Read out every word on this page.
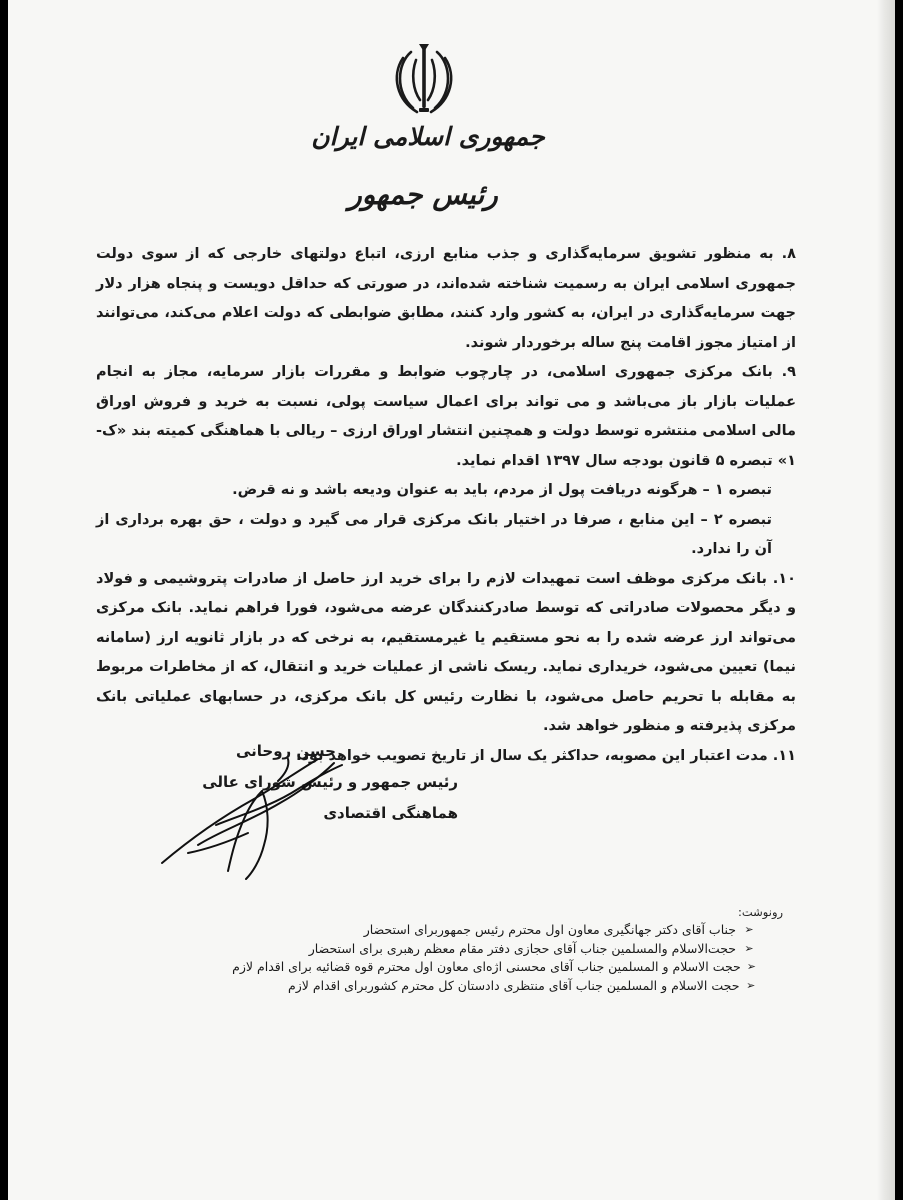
جمهوری اسلامی ایران
رئیس جمهور

۸. به منظور تشویق سرمایه‌گذاری و جذب منابع ارزی، اتباع دولتهای خارجی که از سوی دولت جمهوری اسلامی ایران به رسمیت شناخته شده‌اند، در صورتی که حداقل دویست و پنجاه هزار دلار جهت سرمایه‌گذاری در ایران، به کشور وارد کنند، مطابق ضوابطی که دولت اعلام می‌کند، می‌توانند از امتیاز مجوز اقامت پنج ساله برخوردار شوند.

۹. بانک مرکزی جمهوری اسلامی، در چارچوب ضوابط و مقررات بازار سرمایه، مجاز به انجام عملیات بازار باز می‌باشد و می تواند برای اعمال سیاست پولی، نسبت به خرید و فروش اوراق مالی اسلامی منتشره توسط دولت و همچنین انتشار اوراق ارزی – ریالی با هماهنگی کمیته بند «ک- ۱» تبصره ۵ قانون بودجه سال ۱۳۹۷ اقدام نماید.

تبصره ۱ – هرگونه دریافت پول از مردم، باید به عنوان ودیعه باشد و نه قرض.

تبصره ۲ – این منابع ، صرفا در اختیار بانک مرکزی قرار می گیرد و دولت ، حق بهره برداری از آن را ندارد.

۱۰. بانک مرکزی موظف است تمهیدات لازم را برای خرید ارز حاصل از صادرات پتروشیمی و فولاد و دیگر محصولات صادراتی که توسط صادرکنندگان عرضه می‌شود، فورا فراهم نماید. بانک مرکزی می‌تواند ارز عرضه شده را به نحو مستقیم یا غیرمستقیم، به نرخی که در بازار ثانویه ارز (سامانه نیما) تعیین می‌شود، خریداری نماید. ریسک ناشی از عملیات خرید و انتقال، که از مخاطرات مربوط به مقابله با تحریم حاصل می‌شود، با نظارت رئیس کل بانک مرکزی، در حسابهای عملیاتی بانک مرکزی پذیرفته و منظور خواهد شد.

۱۱. مدت اعتبار این مصوبه، حداکثر یک سال از تاریخ تصویب خواهد بود.

حسن روحانی
رئیس جمهور و رئیس شورای عالی
هماهنگی اقتصادی
رونوشت:
➢
جناب آقای دکتر جهانگیری معاون اول محترم رئیس جمهوربرای استحضار
➢
حجت‌الاسلام والمسلمین جناب آقای حجازی دفتر مقام معظم رهبری برای استحضار
➢
حجت الاسلام و المسلمین جناب آقای محسنی اژه‌ای معاون اول محترم قوه قضائیه برای اقدام لازم
➢
حجت الاسلام و المسلمین جناب آقای منتظری دادستان کل محترم کشوربرای اقدام لازم
